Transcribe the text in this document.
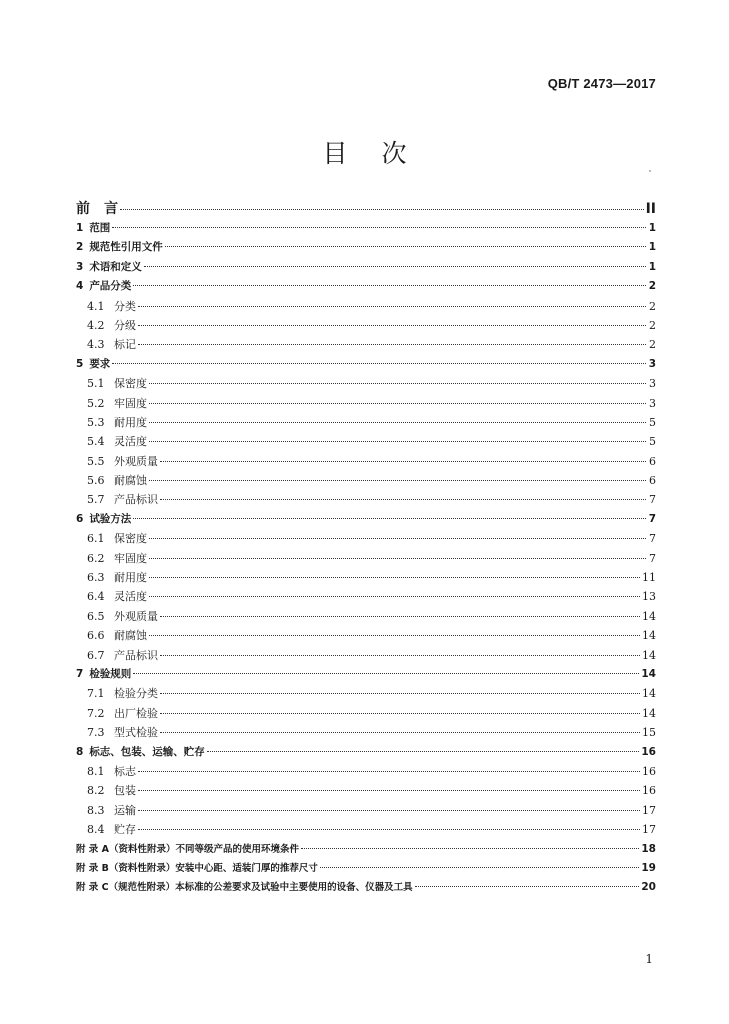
QB/T 2473—2017
目次
前　言	II
1 范围	1
2 规范性引用文件	1
3 术语和定义	1
4 产品分类	2
4.1 分类	2
4.2 分级	2
4.3 标记	2
5 要求	3
5.1 保密度	3
5.2 牢固度	3
5.3 耐用度	5
5.4 灵活度	5
5.5 外观质量	6
5.6 耐腐蚀	6
5.7 产品标识	7
6 试验方法	7
6.1 保密度	7
6.2 牢固度	7
6.3 耐用度	11
6.4 灵活度	13
6.5 外观质量	14
6.6 耐腐蚀	14
6.7 产品标识	14
7 检验规则	14
7.1 检验分类	14
7.2 出厂检验	14
7.3 型式检验	15
8 标志、包装、运输、贮存	16
8.1 标志	16
8.2 包装	16
8.3 运输	17
8.4 贮存	17
附 录 A（资料性附录）不同等级产品的使用环境条件	18
附 录 B（资料性附录）安装中心距、适装门厚的推荐尺寸	19
附 录 C（规范性附录）本标准的公差要求及试验中主要使用的设备、仪器及工具	20
1
